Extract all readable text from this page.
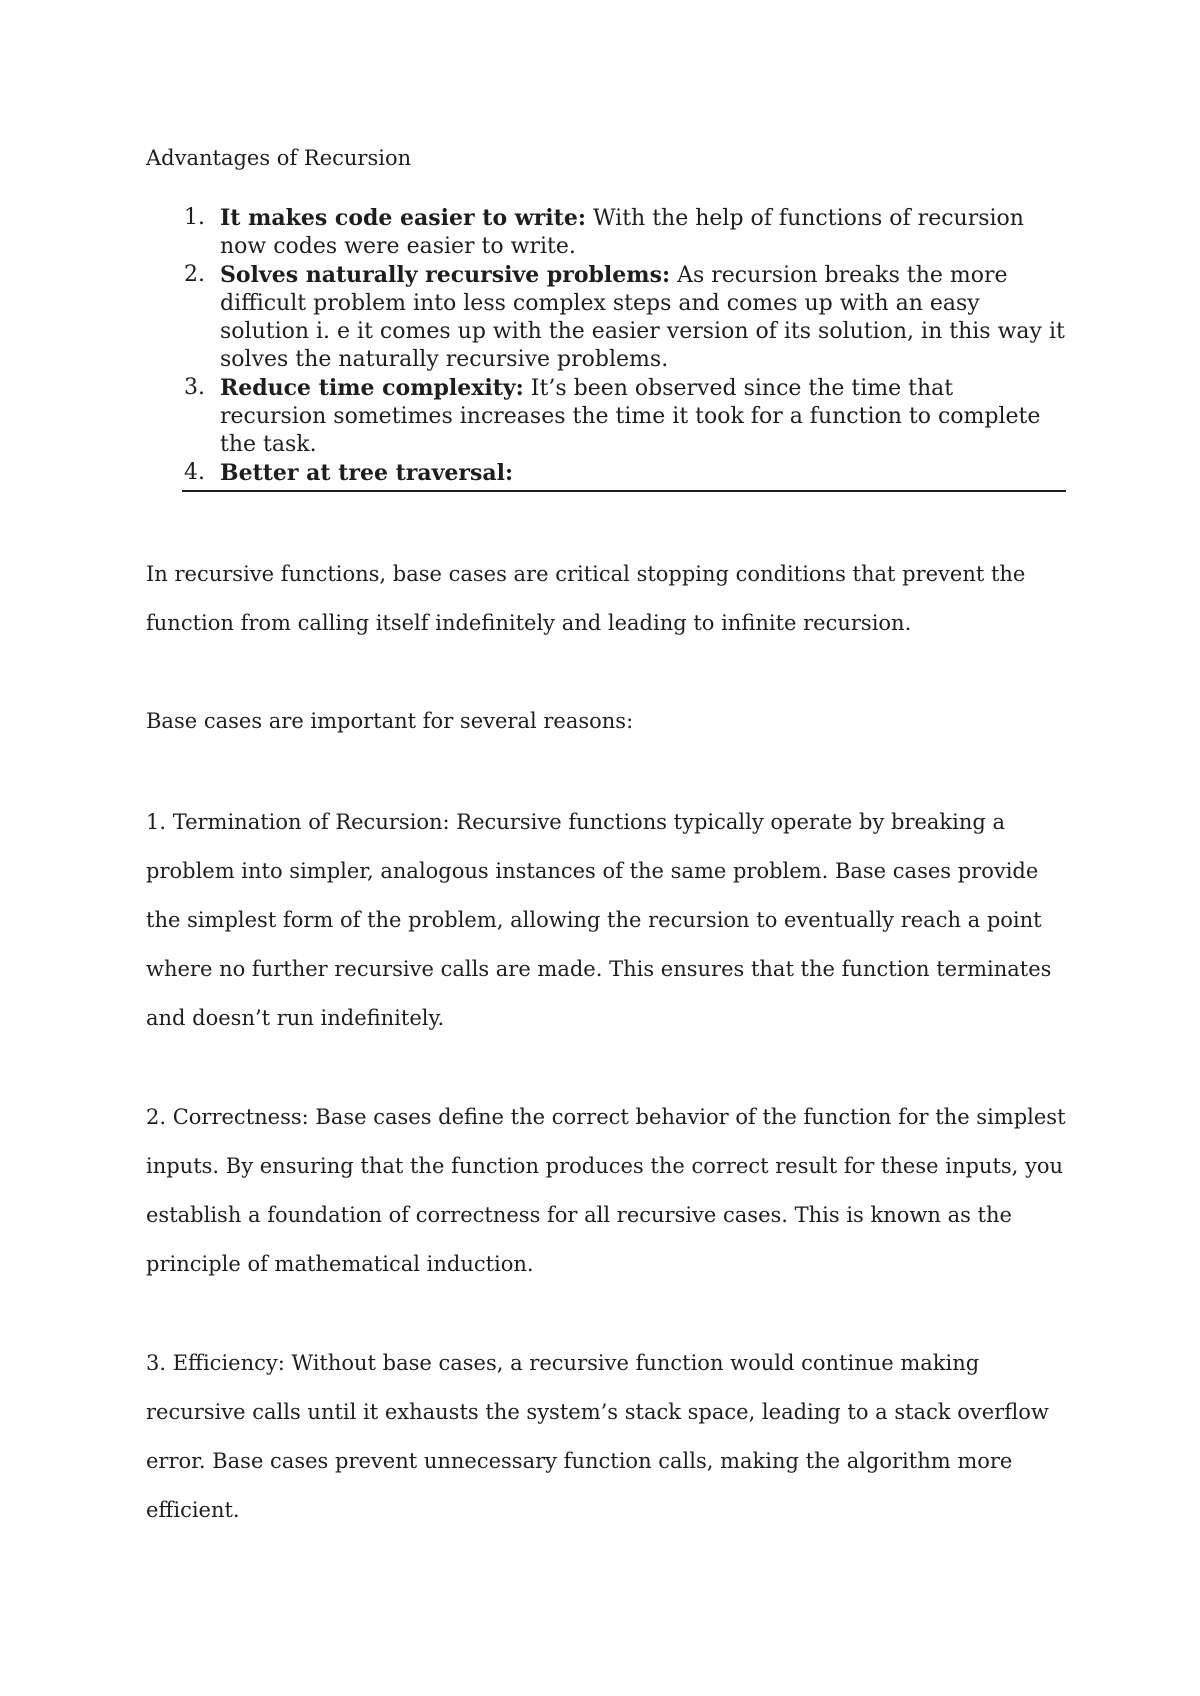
Advantages of Recursion
1. It makes code easier to write: With the help of functions of recursion now codes were easier to write.
2. Solves naturally recursive problems: As recursion breaks the more difficult problem into less complex steps and comes up with an easy solution i. e it comes up with the easier version of its solution, in this way it solves the naturally recursive problems.
3. Reduce time complexity: It’s been observed since the time that recursion sometimes increases the time it took for a function to complete the task.
4. Better at tree traversal:

In recursive functions, base cases are critical stopping conditions that prevent the function from calling itself indefinitely and leading to infinite recursion.

Base cases are important for several reasons:

1. Termination of Recursion: Recursive functions typically operate by breaking a problem into simpler, analogous instances of the same problem. Base cases provide the simplest form of the problem, allowing the recursion to eventually reach a point where no further recursive calls are made. This ensures that the function terminates and doesn’t run indefinitely.

2. Correctness: Base cases define the correct behavior of the function for the simplest inputs. By ensuring that the function produces the correct result for these inputs, you establish a foundation of correctness for all recursive cases. This is known as the principle of mathematical induction.

3. Efficiency: Without base cases, a recursive function would continue making recursive calls until it exhausts the system’s stack space, leading to a stack overflow error. Base cases prevent unnecessary function calls, making the algorithm more efficient.
